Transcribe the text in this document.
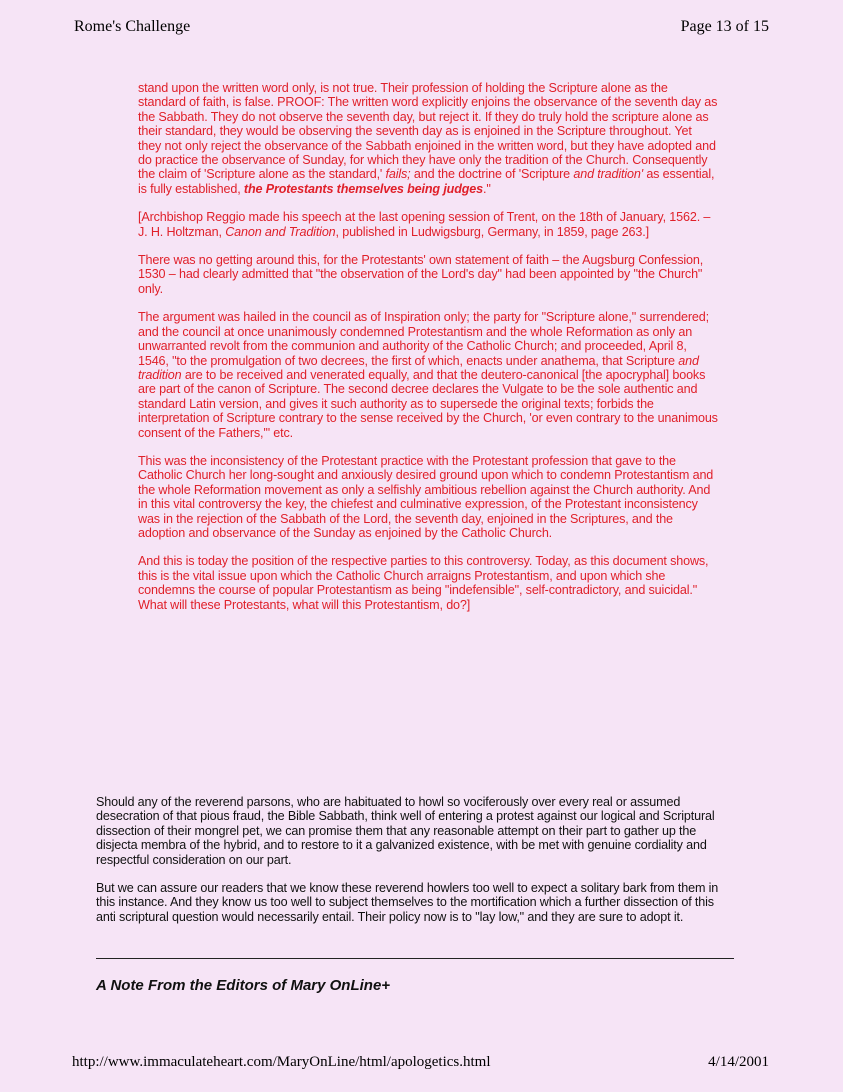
Rome's Challenge	Page 13 of 15

stand upon the written word only, is not true. Their profession of holding the Scripture alone as the standard of faith, is false. PROOF: The written word explicitly enjoins the observance of the seventh day as the Sabbath. They do not observe the seventh day, but reject it. If they do truly hold the scripture alone as their standard, they would be observing the seventh day as is enjoined in the Scripture throughout. Yet they not only reject the observance of the Sabbath enjoined in the written word, but they have adopted and do practice the observance of Sunday, for which they have only the tradition of the Church. Consequently the claim of 'Scripture alone as the standard,' fails; and the doctrine of 'Scripture and tradition' as essential, is fully established, the Protestants themselves being judges."

[Archbishop Reggio made his speech at the last opening session of Trent, on the 18th of January, 1562. – J. H. Holtzman, Canon and Tradition, published in Ludwigsburg, Germany, in 1859, page 263.]

There was no getting around this, for the Protestants' own statement of faith – the Augsburg Confession, 1530 – had clearly admitted that "the observation of the Lord's day" had been appointed by "the Church" only.

The argument was hailed in the council as of Inspiration only; the party for "Scripture alone," surrendered; and the council at once unanimously condemned Protestantism and the whole Reformation as only an unwarranted revolt from the communion and authority of the Catholic Church; and proceeded, April 8, 1546, "to the promulgation of two decrees, the first of which, enacts under anathema, that Scripture and tradition are to be received and venerated equally, and that the deutero-canonical [the apocryphal] books are part of the canon of Scripture. The second decree declares the Vulgate to be the sole authentic and standard Latin version, and gives it such authority as to supersede the original texts; forbids the interpretation of Scripture contrary to the sense received by the Church, 'or even contrary to the unanimous consent of the Fathers,'" etc.

This was the inconsistency of the Protestant practice with the Protestant profession that gave to the Catholic Church her long-sought and anxiously desired ground upon which to condemn Protestantism and the whole Reformation movement as only a selfishly ambitious rebellion against the Church authority. And in this vital controversy the key, the chiefest and culminative expression, of the Protestant inconsistency was in the rejection of the Sabbath of the Lord, the seventh day, enjoined in the Scriptures, and the adoption and observance of the Sunday as enjoined by the Catholic Church.

And this is today the position of the respective parties to this controversy. Today, as this document shows, this is the vital issue upon which the Catholic Church arraigns Protestantism, and upon which she condemns the course of popular Protestantism as being "indefensible", self-contradictory, and suicidal." What will these Protestants, what will this Protestantism, do?]

Should any of the reverend parsons, who are habituated to howl so vociferously over every real or assumed desecration of that pious fraud, the Bible Sabbath, think well of entering a protest against our logical and Scriptural dissection of their mongrel pet, we can promise them that any reasonable attempt on their part to gather up the disjecta membra of the hybrid, and to restore to it a galvanized existence, with be met with genuine cordiality and respectful consideration on our part.

But we can assure our readers that we know these reverend howlers too well to expect a solitary bark from them in this instance. And they know us too well to subject themselves to the mortification which a further dissection of this anti scriptural question would necessarily entail. Their policy now is to "lay low," and they are sure to adopt it.

A Note From the Editors of Mary OnLine+
http://www.immaculateheart.com/MaryOnLine/html/apologetics.html	4/14/2001
